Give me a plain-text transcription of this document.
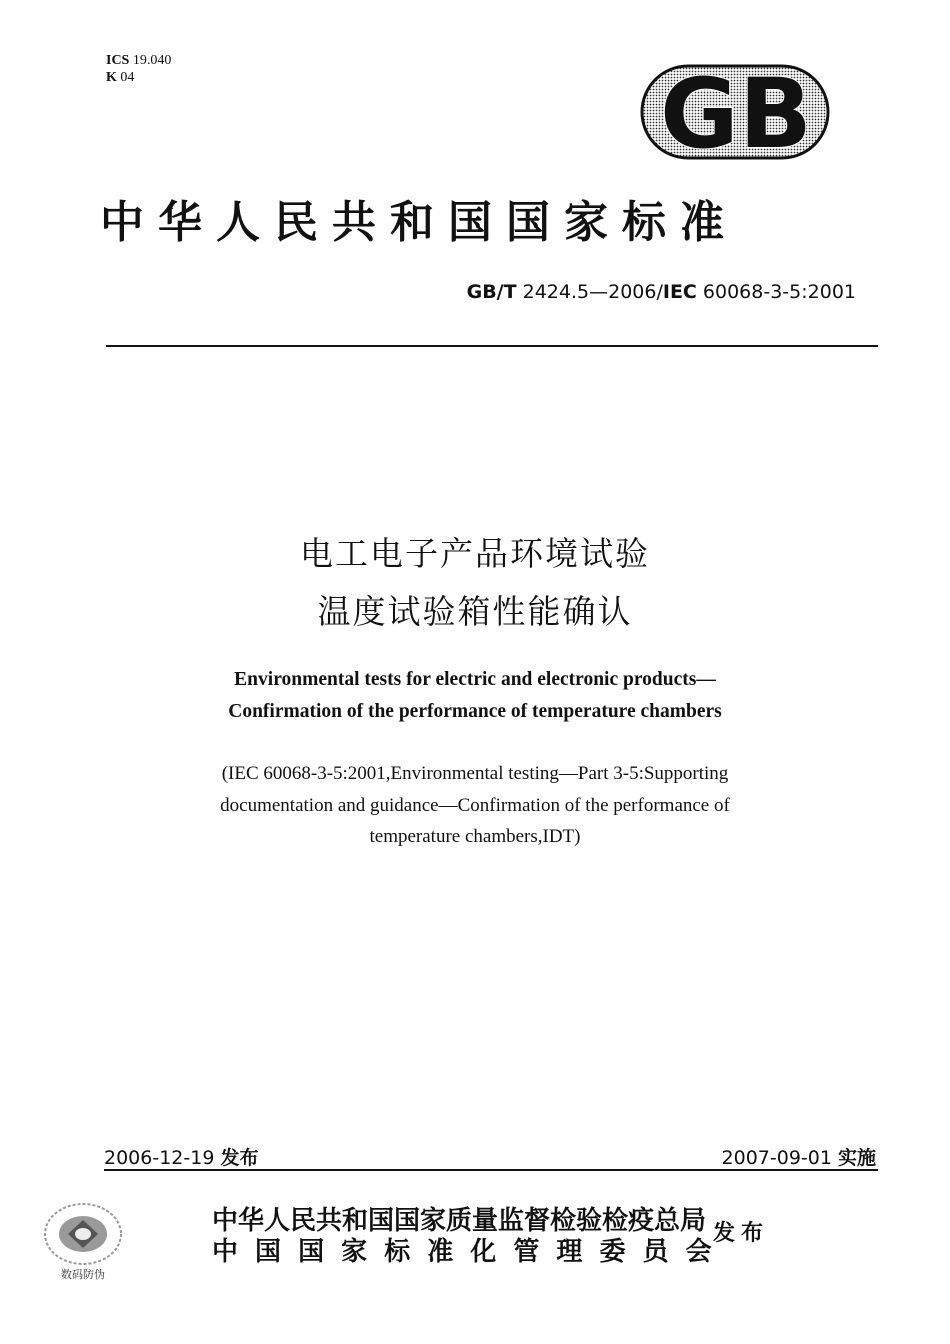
ICS 19.040
K 04	GB
中华人民共和国国家标准
GB/T 2424.5—2006/IEC 60068-3-5:2001
电工电子产品环境试验
温度试验箱性能确认
Environmental tests for electric and electronic products—
Confirmation of the performance of temperature chambers
(IEC 60068-3-5:2001,Environmental testing—Part 3-5:Supporting
documentation and guidance—Confirmation of the performance of
temperature chambers,IDT)
2006-12-19 发布	2007-09-01 实施
数码防伪
中华人民共和国国家质量监督检验检疫总局
中 国 国 家 标 准 化 管 理 委 员 会
发布
